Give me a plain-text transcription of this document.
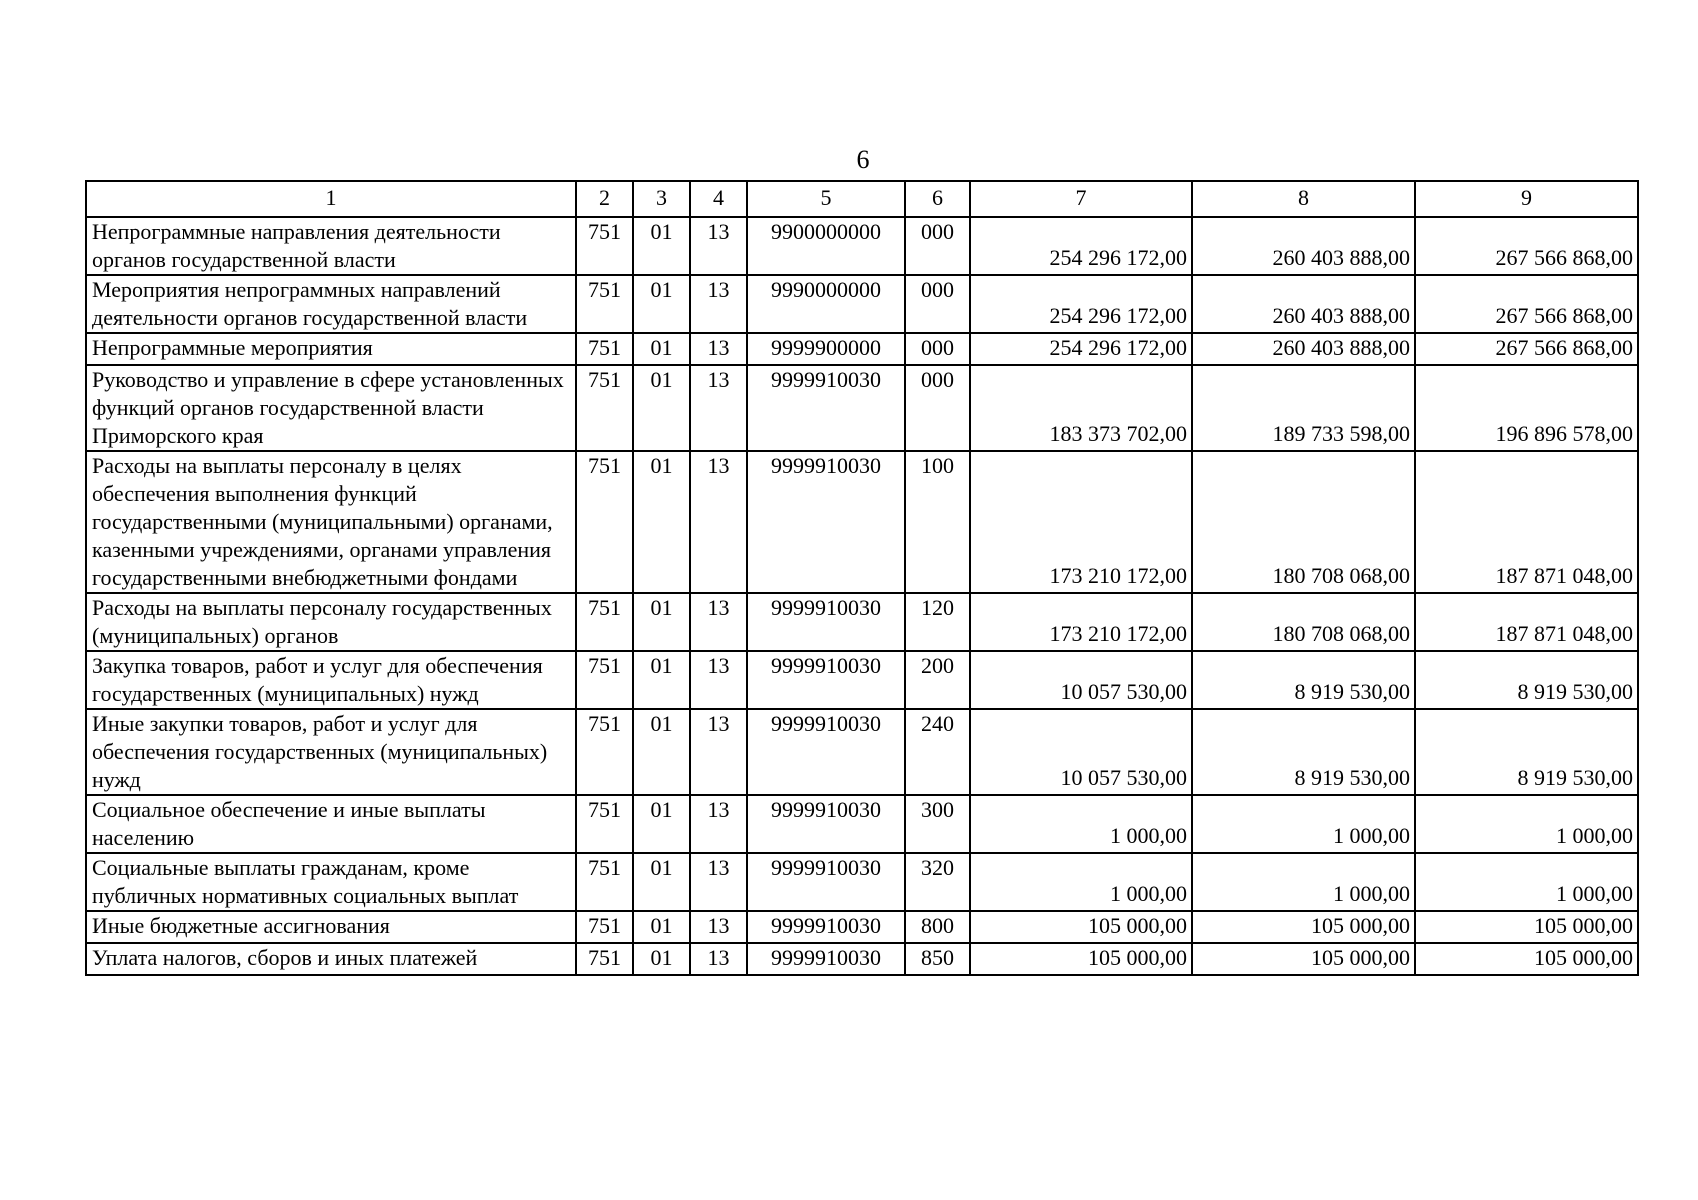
6
1	2	3	4	5	6	7	8	9
Непрограммные направления деятельности органов государственной власти	751	01	13	9900000000	000	254 296 172,00	260 403 888,00	267 566 868,00
Мероприятия непрограммных направлений деятельности органов государственной власти	751	01	13	9990000000	000	254 296 172,00	260 403 888,00	267 566 868,00
Непрограммные мероприятия	751	01	13	9999900000	000	254 296 172,00	260 403 888,00	267 566 868,00
Руководство и управление в сфере установленных функций органов государственной власти Приморского края	751	01	13	9999910030	000	183 373 702,00	189 733 598,00	196 896 578,00
Расходы на выплаты персоналу в целях обеспечения выполнения функций государственными (муниципальными) органами, казенными учреждениями, органами управления государственными внебюджетными фондами	751	01	13	9999910030	100	173 210 172,00	180 708 068,00	187 871 048,00
Расходы на выплаты персоналу государственных (муниципальных) органов	751	01	13	9999910030	120	173 210 172,00	180 708 068,00	187 871 048,00
Закупка товаров, работ и услуг для обеспечения государственных (муниципальных) нужд	751	01	13	9999910030	200	10 057 530,00	8 919 530,00	8 919 530,00
Иные закупки товаров, работ и услуг для обеспечения государственных (муниципальных) нужд	751	01	13	9999910030	240	10 057 530,00	8 919 530,00	8 919 530,00
Социальное обеспечение и иные выплаты населению	751	01	13	9999910030	300	1 000,00	1 000,00	1 000,00
Социальные выплаты гражданам, кроме публичных нормативных социальных выплат	751	01	13	9999910030	320	1 000,00	1 000,00	1 000,00
Иные бюджетные ассигнования	751	01	13	9999910030	800	105 000,00	105 000,00	105 000,00
Уплата налогов, сборов и иных платежей	751	01	13	9999910030	850	105 000,00	105 000,00	105 000,00
